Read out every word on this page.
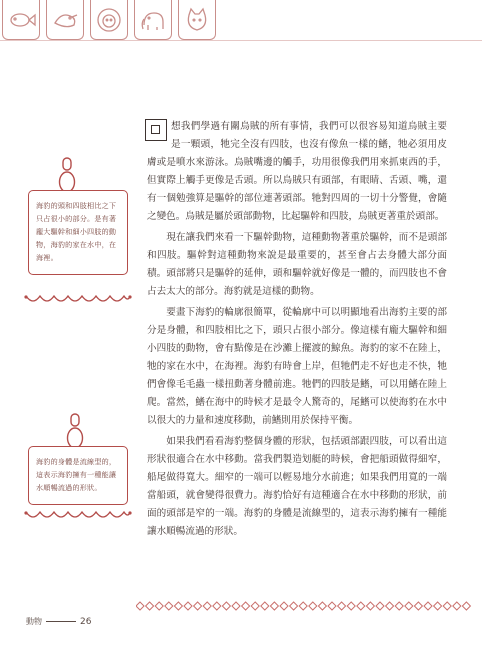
海豹的頭和四肢相比之下只占很小的部分。是有著龐大驅幹和細小四肢的動物，海豹的家在水中，在海裡。
海豹的身體是流線型的，這表示海豹擁有一種能讓水順暢流過的形狀。

想我們學過有關烏賊的所有事情，我們可以很容易知道烏賊主要是一顆頭，牠完全沒有四肢，也沒有像魚一樣的鰭，牠必須用皮膚或是噴水來游泳。烏賊嘴邊的觸手，功用很像我們用來抓東西的手，但實際上觸手更像是舌頭。所以烏賊只有頭部，有眼睛、舌頭、嘴，還有一個勉強算是驅幹的部位連著頭部。牠對四周的一切十分警覺，會隨之變色。烏賊是屬於頭部動物，比起驅幹和四肢，烏賊更著重於頭部。

現在讓我們來看一下驅幹動物，這種動物著重於驅幹，而不是頭部和四肢。驅幹對這種動物來說是最重要的，甚至會占去身體大部分面積。頭部將只是驅幹的延伸，頭和驅幹就好像是一體的，而四肢也不會占去太大的部分。海豹就是這樣的動物。

要畫下海豹的輪廓很簡單，從輪廓中可以明顯地看出海豹主要的部分是身體，和四肢相比之下，頭只占很小部分。像這樣有龐大驅幹和細小四肢的動物，會有點像是在沙灘上擺渡的鯨魚。海豹的家不在陸上，牠的家在水中，在海裡。海豹有時會上岸，但牠們走不好也走不快，牠們會像毛毛蟲一樣扭動著身體前進。牠們的四肢是鰭，可以用鰭在陸上爬。當然，鰭在海中的時候才是最令人驚奇的，尾鰭可以使海豹在水中以很大的力量和速度移動，前鰭則用於保持平衡。

如果我們看看海豹整個身體的形狀，包括頭部跟四肢，可以看出這形狀很適合在水中移動。當我們製造划艇的時候，會把船頭做得細窄，船尾做得寬大。細窄的一端可以輕易地分水前進；如果我們用寬的一端當船頭，就會變得很費力。海豹恰好有這種適合在水中移動的形狀，前面的頭部是窄的一端。海豹的身體是流線型的，這表示海豹擁有一種能讓水順暢流過的形狀。

動物	26
